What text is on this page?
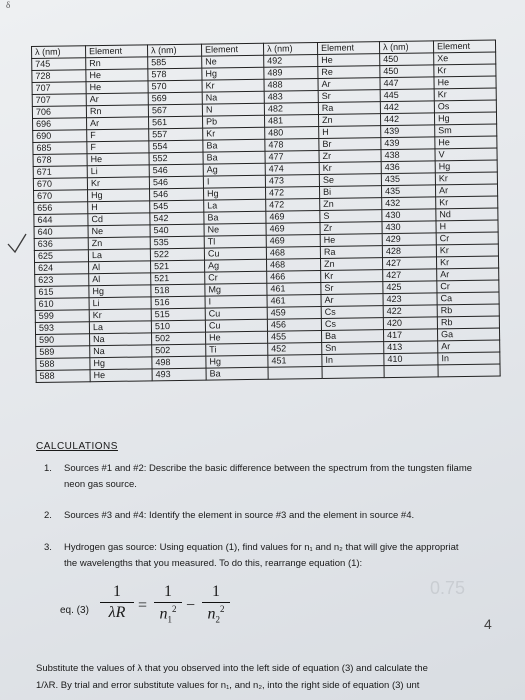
δ
λ (nm)	Element	λ (nm)	Element	λ (nm)	Element	λ (nm)	Element
745	Rn	585	Ne	492	He	450	Xe
728	He	578	Hg	489	Re	450	Kr
707	He	570	Kr	488	Ar	447	He
707	Ar	569	Na	483	Sr	445	Kr
706	Rn	567	N	482	Ra	442	Os
696	Ar	561	Pb	481	Zn	442	Hg
690	F	557	Kr	480	H	439	Sm
685	F	554	Ba	478	Br	439	He
678	He	552	Ba	477	Zr	438	V
671	Li	546	Ag	474	Kr	436	Hg
670	Kr	546	I	473	Se	435	Kr
670	Hg	546	Hg	472	Bi	435	Ar
656	H	545	La	472	Zn	432	Kr
644	Cd	542	Ba	469	S	430	Nd
640	Ne	540	Ne	469	Zr	430	H
636	Zn	535	Tl	469	He	429	Cr
625	La	522	Cu	468	Ra	428	Kr
624	Al	521	Ag	468	Zn	427	Kr
623	Al	521	Cr	466	Kr	427	Ar
615	Hg	518	Mg	461	Sr	425	Cr
610	Li	516	I	461	Ar	423	Ca
599	Kr	515	Cu	459	Cs	422	Rb
593	La	510	Cu	456	Cs	420	Rb
590	Na	502	He	455	Ba	417	Ga
589	Na	502	Ti	452	Sn	413	Ar
588	Hg	498	Hg	451	In	410	In
588	He	493	Ba				
CALCULATIONS

1. Sources #1 and #2: Describe the basic difference between the spectrum from the tungsten filame
neon gas source.

2. Sources #3 and #4: Identify the element in source #3 and the element in source #4.

3. Hydrogen gas source: Using equation (1), find values for n₁ and n₂ that will give the appropriat
the wavelengths that you measured. To do this, rearrange equation (1):

eq. (3)
1
λR =
1
$n_1^2$ −
1
$n_2^2$
0.75
4

Substitute the values of λ that you observed into the left side of equation (3) and calculate the
1/λR. By trial and error substitute values for n₁, and n₂, into the right side of equation (3) unt
